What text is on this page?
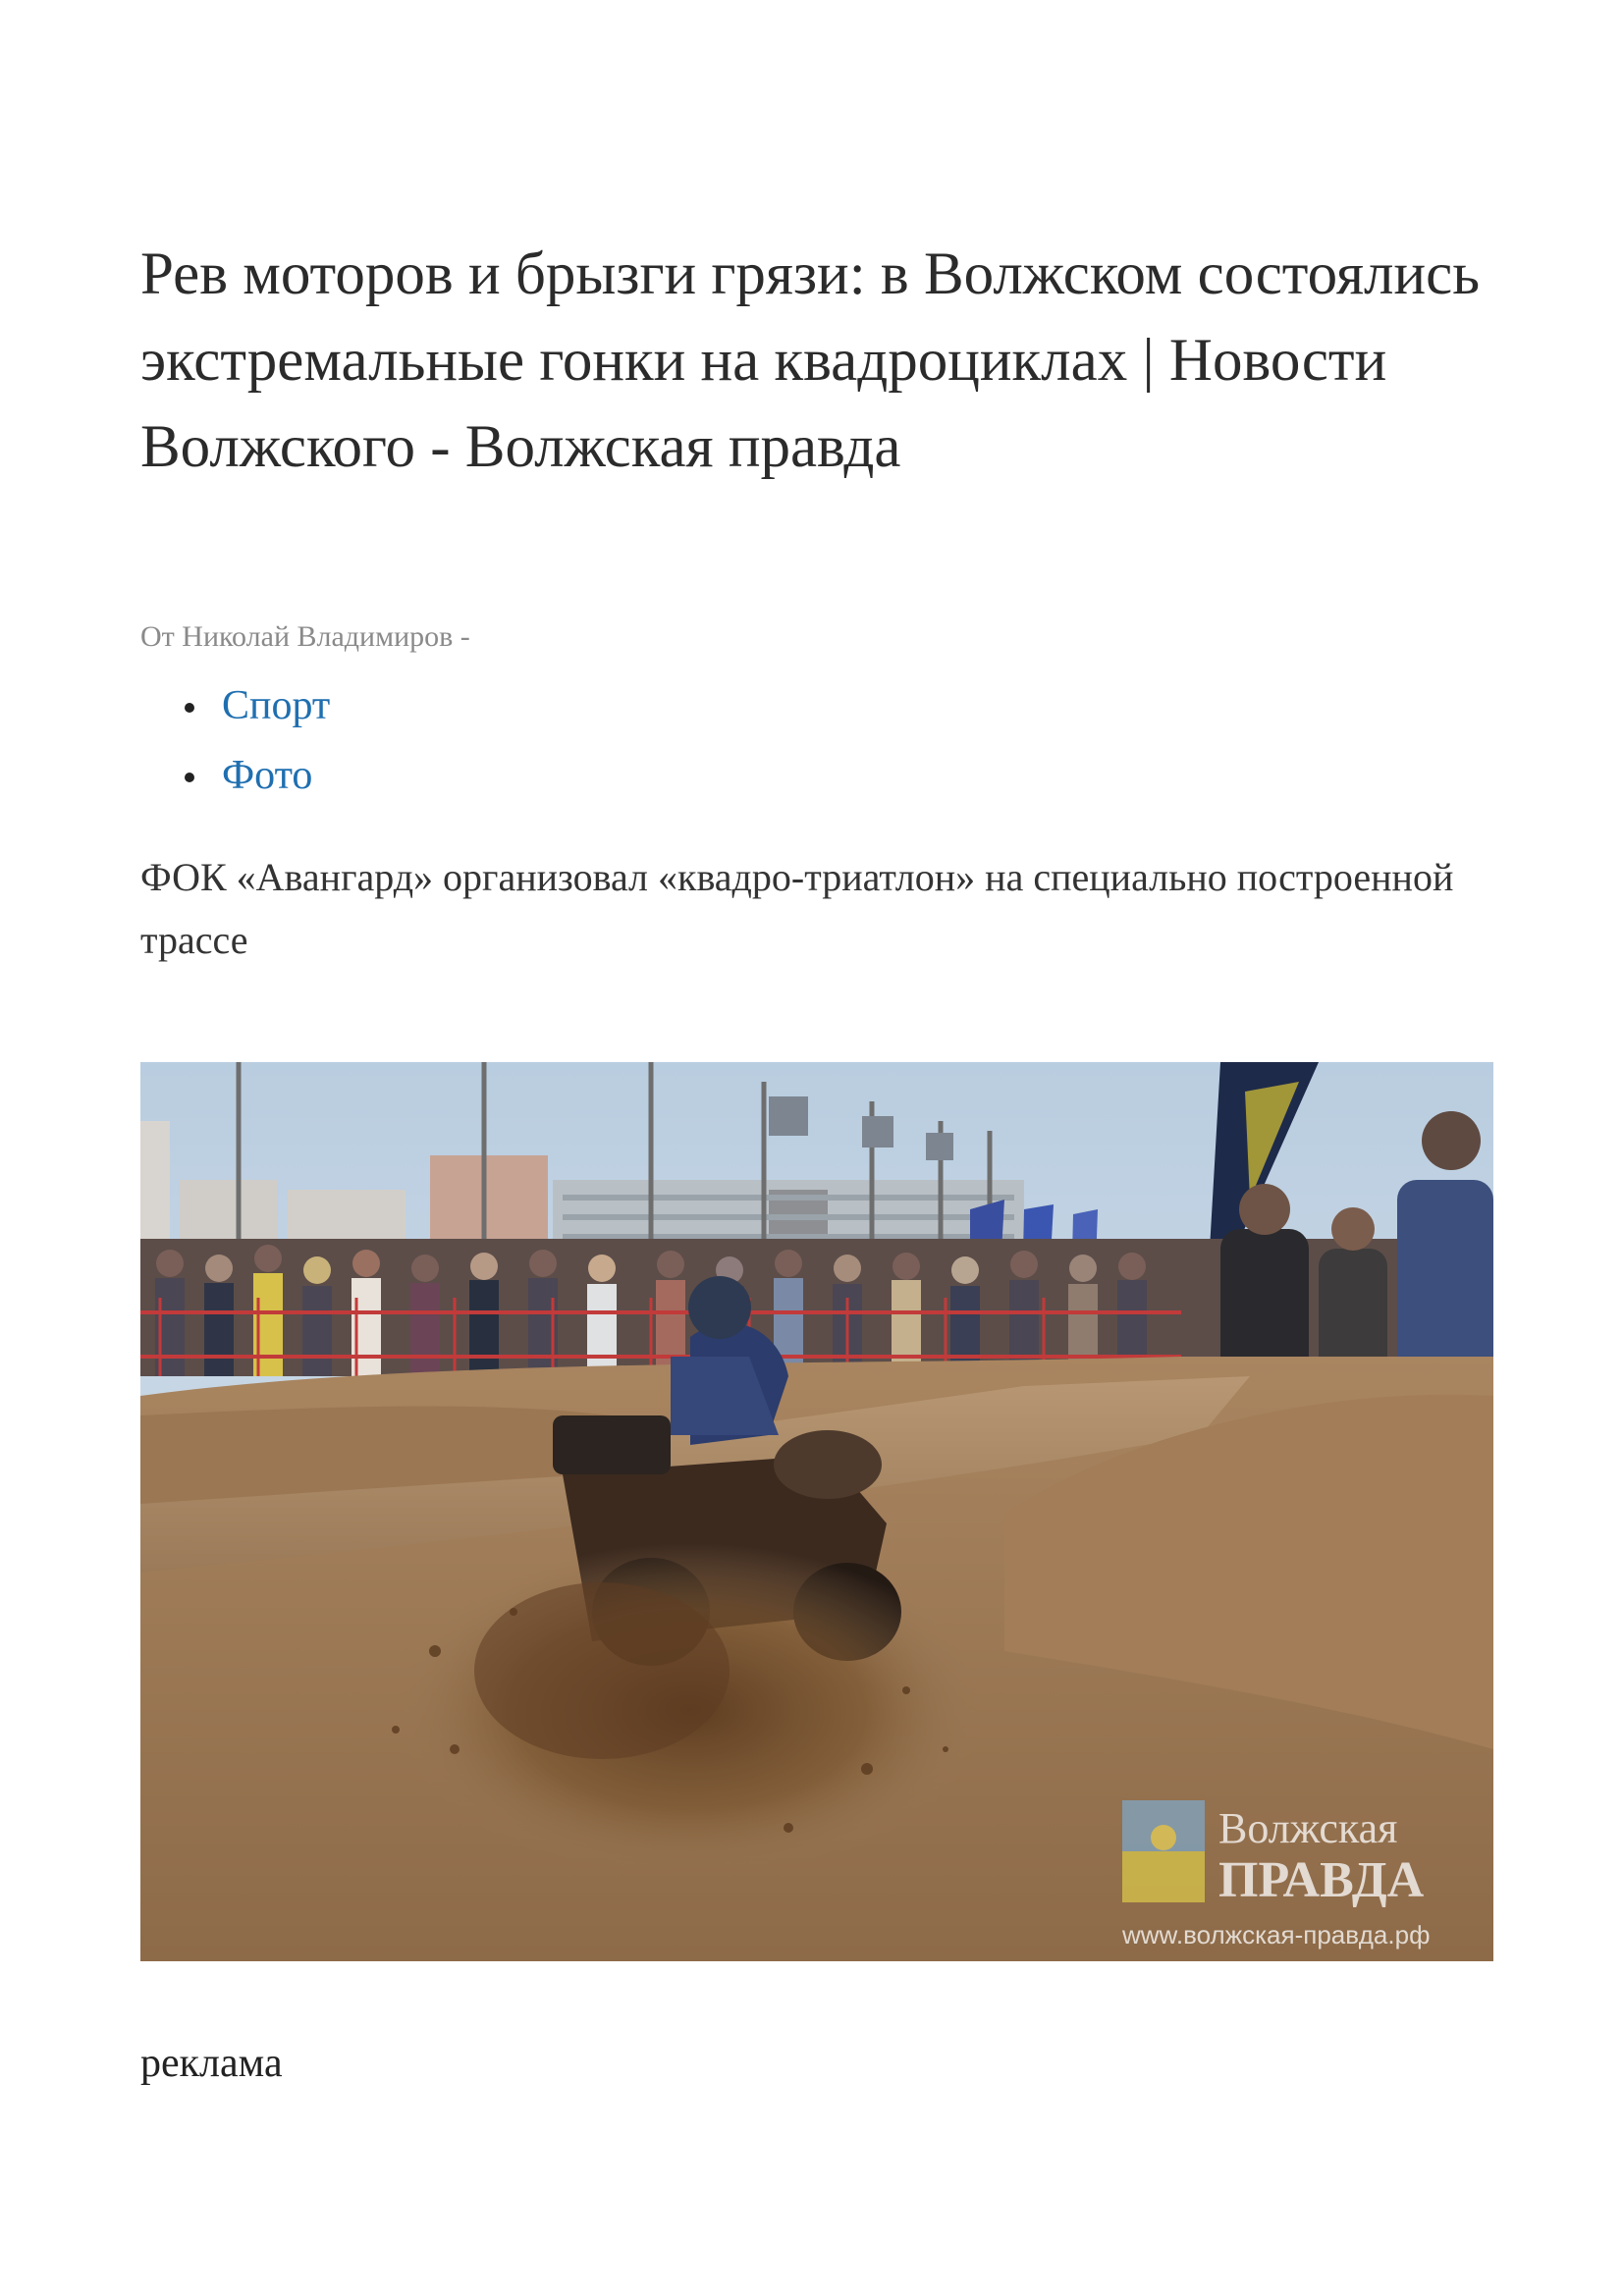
Рев моторов и брызги грязи: в Волжском состоялись экстремальные гонки на квадроциклах | Новости Волжского - Волжская правда
От Николай Владимиров -
Спорт
Фото
ФОК «Авангард» организовал «квадро-триатлон» на специально построенной трассе
Волжская
ПРАВДА
www.волжская-правда.рф
реклама
